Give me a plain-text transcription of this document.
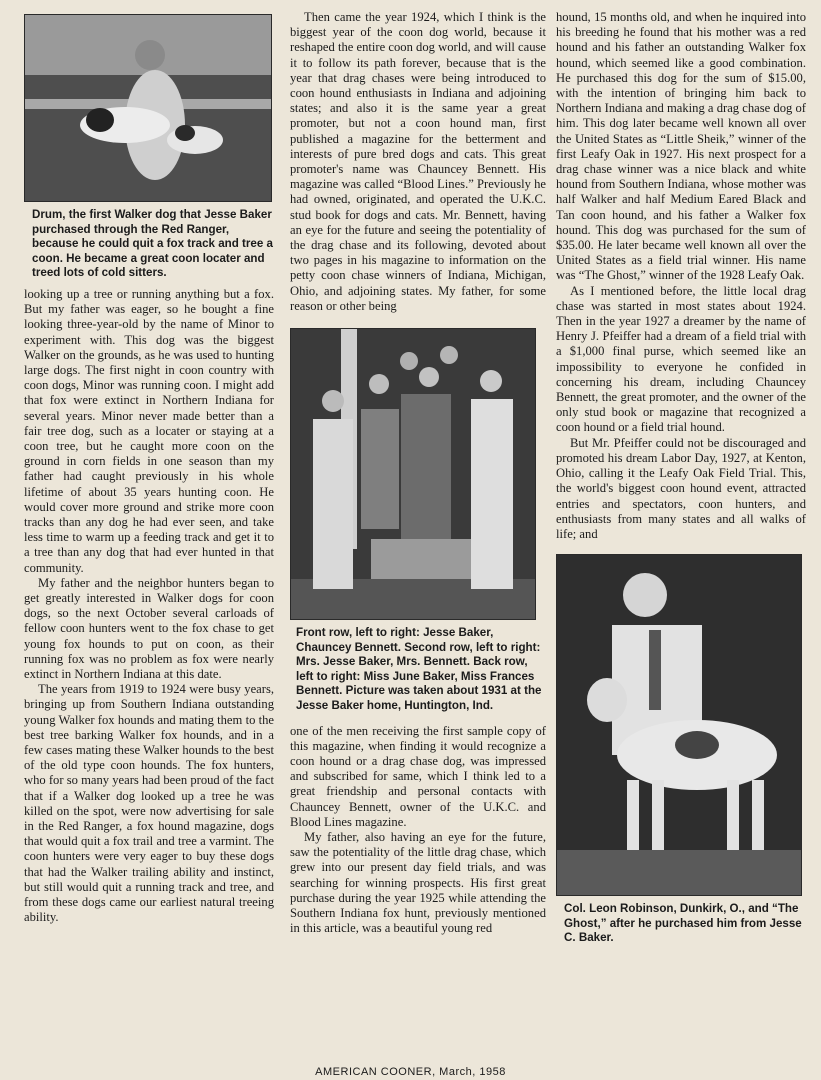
Drum, the first Walker dog that Jesse Baker purchased through the Red Ranger, because he could quit a fox track and tree a coon. He became a great coon locater and treed lots of cold sitters.

looking up a tree or running anything but a fox. But my father was eager, so he bought a fine looking three-year-old by the name of Minor to experiment with. This dog was the biggest Walker on the grounds, as he was used to hunting large dogs. The first night in coon country with coon dogs, Minor was running coon. I might add that fox were extinct in Northern Indiana for several years. Minor never made better than a fair tree dog, such as a locater or staying at a coon tree, but he caught more coon on the ground in corn fields in one season than my father had caught previously in his whole lifetime of about 35 years hunting coon. He would cover more ground and strike more coon tracks than any dog he had ever seen, and take less time to warm up a feeding track and get it to a tree than any dog that had ever hunted in that community.

My father and the neighbor hunters began to get greatly interested in Walker dogs for coon dogs, so the next October several carloads of fellow coon hunters went to the fox chase to get young fox hounds to put on coon, as their running fox was no problem as fox were nearly extinct in Northern Indiana at this date.

The years from 1919 to 1924 were busy years, bringing up from Southern Indiana outstanding young Walker fox hounds and mating them to the best tree barking Walker fox hounds, and in a few cases mating these Walker hounds to the best of the old type coon hounds. The fox hunters, who for so many years had been proud of the fact that if a Walker dog looked up a tree he was killed on the spot, were now advertising for sale in the Red Ranger, a fox hound magazine, dogs that would quit a fox trail and tree a varmint. The coon hunters were very eager to buy these dogs that had the Walker trailing ability and instinct, but still would quit a running track and tree, and from these dogs came our earliest natural treeing ability.

Then came the year 1924, which I think is the biggest year of the coon dog world, because it reshaped the entire coon dog world, and will cause it to follow its path forever, because that is the year that drag chases were being introduced to coon hound enthusiasts in Indiana and adjoining states; and also it is the same year a great promoter, but not a coon hound man, first published a magazine for the betterment and interests of pure bred dogs and cats. This great promoter's name was Chauncey Bennett. His magazine was called “Blood Lines.” Previously he had owned, originated, and operated the U.K.C. stud book for dogs and cats. Mr. Bennett, having an eye for the future and seeing the potentiality of the drag chase and its following, devoted about two pages in his magazine to information on the petty coon chase winners of Indiana, Michigan, Ohio, and adjoining states. My father, for some reason or other being

Front row, left to right: Jesse Baker, Chauncey Bennett. Second row, left to right: Mrs. Jesse Baker, Mrs. Bennett. Back row, left to right: Miss June Baker, Miss Frances Bennett. Picture was taken about 1931 at the Jesse Baker home, Huntington, Ind.

one of the men receiving the first sample copy of this magazine, when finding it would recognize a coon hound or a drag chase dog, was impressed and subscribed for same, which I think led to a great friendship and personal contacts with Chauncey Bennett, owner of the U.K.C. and Blood Lines magazine.

My father, also having an eye for the future, saw the potentiality of the little drag chase, which grew into our present day field trials, and was searching for winning prospects. His first great purchase during the year 1925 while attending the Southern Indiana fox hunt, previously mentioned in this article, was a beautiful young red

hound, 15 months old, and when he inquired into his breeding he found that his mother was a red hound and his father an outstanding Walker fox hound, which seemed like a good combination. He purchased this dog for the sum of $15.00, with the intention of bringing him back to Northern Indiana and making a drag chase dog of him. This dog later became well known all over the United States as “Little Sheik,” winner of the first Leafy Oak in 1927. His next prospect for a drag chase winner was a nice black and white hound from Southern Indiana, whose mother was half Walker and half Medium Eared Black and Tan coon hound, and his father a Walker fox hound. This dog was purchased for the sum of $35.00. He later became well known all over the United States as a field trial winner. His name was “The Ghost,” winner of the 1928 Leafy Oak.

As I mentioned before, the little local drag chase was started in most states about 1924. Then in the year 1927 a dreamer by the name of Henry J. Pfeiffer had a dream of a field trial with a $1,000 final purse, which seemed like an impossibility to everyone he confided in concerning his dream, including Chauncey Bennett, the great promoter, and the owner of the only stud book or magazine that recognized a coon hound or a field trial hound.

But Mr. Pfeiffer could not be discouraged and promoted his dream Labor Day, 1927, at Kenton, Ohio, calling it the Leafy Oak Field Trial. This, the world's biggest coon hound event, attracted entries and spectators, coon hunters, and enthusiasts from many states and all walks of life; and

Col. Leon Robinson, Dunkirk, O., and “The Ghost,” after he purchased him from Jesse C. Baker.
AMERICAN COONER, March, 1958
